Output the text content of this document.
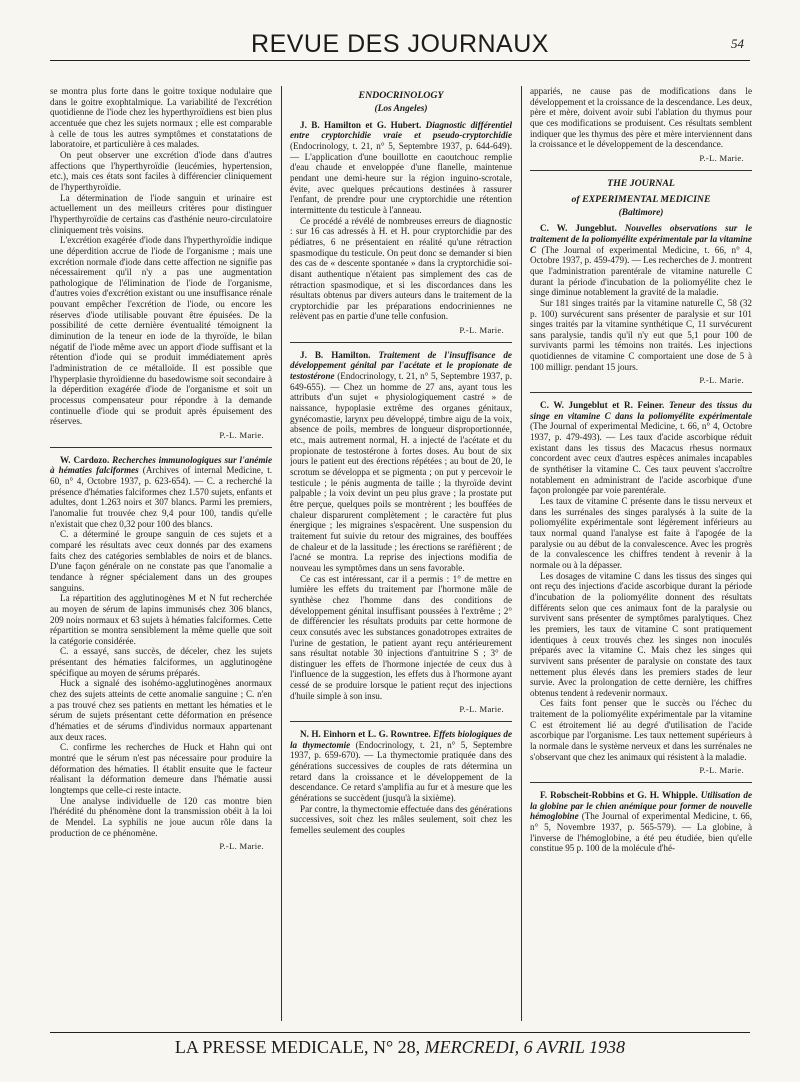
REVUE DES JOURNAUX	54

se montra plus forte dans le goitre toxique nodulaire que dans le goitre exophtalmique. La variabilité de l'excrétion quotidienne de l'iode chez les hyperthyroïdiens est bien plus accentuée que chez les sujets normaux ; elle est comparable à celle de tous les autres symptômes et constatations de laboratoire, et particulière à ces malades.

On peut observer une excrétion d'iode dans d'autres affections que l'hyperthyroïdie (leucémies, hypertension, etc.), mais ces états sont faciles à différencier cliniquement de l'hyperthyroïdie.

La détermination de l'iode sanguin et urinaire est actuellement un des meilleurs critères pour distinguer l'hyperthyroïdie de certains cas d'asthénie neuro-circulatoire cliniquement très voisins.

L'excrétion exagérée d'iode dans l'hyperthyroïdie indique une déperdition accrue de l'iode de l'organisme ; mais une excrétion normale d'iode dans cette affection ne signifie pas nécessairement qu'il n'y a pas une augmentation pathologique de l'élimination de l'iode de l'organisme, d'autres voies d'excrétion existant ou une insuffisance rénale pouvant empêcher l'excrétion de l'iode, ou encore les réserves d'iode utilisable pouvant être épuisées. De la possibilité de cette dernière éventualité témoignent la diminution de la teneur en iode de la thyroïde, le bilan négatif de l'iode même avec un apport d'iode suffisant et la rétention d'iode qui se produit immédiatement après l'administration de ce métalloïde. Il est possible que l'hyperplasie thyroïdienne du basedowisme soit secondaire à la déperdition exagérée d'iode de l'organisme et soit un processus compensateur pour répondre à la demande continuelle d'iode qui se produit après épuisement des réserves.

P.-L. Marie.

W. Cardozo. Recherches immunologiques sur l'anémie à hématies falciformes (Archives of internal Medicine, t. 60, n° 4, Octobre 1937, p. 623-654). — C. a recherché la présence d'hématies falciformes chez 1.570 sujets, enfants et adultes, dont 1.263 noirs et 307 blancs. Parmi les premiers, l'anomalie fut trouvée chez 9,4 pour 100, tandis qu'elle n'existait que chez 0,32 pour 100 des blancs.

C. a déterminé le groupe sanguin de ces sujets et a comparé les résultats avec ceux donnés par des examens faits chez des catégories semblables de noirs et de blancs. D'une façon générale on ne constate pas que l'anomalie a tendance à régner spécialement dans un des groupes sanguins.

La répartition des agglutinogènes M et N fut recherchée au moyen de sérum de lapins immunisés chez 306 blancs, 209 noirs normaux et 63 sujets à hématies falciformes. Cette répartition se montra sensiblement la même quelle que soit la catégorie considérée.

C. a essayé, sans succès, de déceler, chez les sujets présentant des hématies falciformes, un agglutinogène spécifique au moyen de sérums préparés.

Huck a signalé des isohémo-agglutinogènes anormaux chez des sujets atteints de cette anomalie sanguine ; C. n'en a pas trouvé chez ses patients en mettant les hématies et le sérum de sujets présentant cette déformation en présence d'hématies et de sérums d'individus normaux appartenant aux deux races.

C. confirme les recherches de Huck et Hahn qui ont montré que le sérum n'est pas nécessaire pour produire la déformation des hématies. Il établit ensuite que le facteur réalisant la déformation demeure dans l'hématie aussi longtemps que celle-ci reste intacte.

Une analyse individuelle de 120 cas montre bien l'hérédité du phénomène dont la transmission obéit à la loi de Mendel. La syphilis ne joue aucun rôle dans la production de ce phénomène.

P.-L. Marie.
ENDOCRINOLOGY
(Los Angeles)

J. B. Hamilton et G. Hubert. Diagnostic différentiel entre cryptorchidie vraie et pseudo-cryptorchidie (Endocrinology, t. 21, n° 5, Septembre 1937, p. 644-649). — L'application d'une bouillotte en caoutchouc remplie d'eau chaude et enveloppée d'une flanelle, maintenue pendant une demi-heure sur la région inguino-scrotale, évite, avec quelques précautions destinées à rassurer l'enfant, de prendre pour une cryptorchidie une rétention intermittente du testicule à l'anneau.

Ce procédé a révélé de nombreuses erreurs de diagnostic : sur 16 cas adressés à H. et H. pour cryptorchidie par des pédiatres, 6 ne présentaient en réalité qu'une rétraction spasmodique du testicule. On peut donc se demander si bien des cas de « descente spontanée » dans la cryptorchidie soi-disant authentique n'étaient pas simplement des cas de rétraction spasmodique, et si les discordances dans les résultats obtenus par divers auteurs dans le traitement de la cryptorchidie par les préparations endocriniennes ne relèvent pas en partie d'une telle confusion.

P.-L. Marie.

J. B. Hamilton. Traitement de l'insuffisance de développement génital par l'acétate et le propionate de testostérone (Endocrinology, t. 21, n° 5, Septembre 1937, p. 649-655). — Chez un homme de 27 ans, ayant tous les attributs d'un sujet « physiologiquement castré » de naissance, hypoplasie extrême des organes génitaux, gynécomastie, larynx peu développé, timbre aigu de la voix, absence de poils, membres de longueur disproportionnée, etc., mais autrement normal, H. a injecté de l'acétate et du propionate de testostérone à fortes doses. Au bout de six jours le patient eut des érections répétées ; au bout de 20, le scrotum se développa et se pigmenta ; on put y percevoir le testicule ; le pénis augmenta de taille ; la thyroïde devint palpable ; la voix devint un peu plus grave ; la prostate put être perçue, quelques poils se montrèrent ; les bouffées de chaleur disparurent complètement ; le caractère fut plus énergique ; les migraines s'espacèrent. Une suspension du traitement fut suivie du retour des migraines, des bouffées de chaleur et de la lassitude ; les érections se raréfièrent ; de l'acné se montra. La reprise des injections modifia de nouveau les symptômes dans un sens favorable.

Ce cas est intéressant, car il a permis : 1° de mettre en lumière les effets du traitement par l'hormone mâle de synthèse chez l'homme dans des conditions de développement génital insuffisant poussées à l'extrême ; 2° de différencier les résultats produits par cette hormone de ceux consutés avec les substances gonadotropes extraites de l'urine de gestation, le patient ayant reçu antérieurement sans résultat notable 30 injections d'antuitrine S ; 3° de distinguer les effets de l'hormone injectée de ceux dus à l'influence de la suggestion, les effets dus à l'hormone ayant cessé de se produire lorsque le patient reçut des injections d'huile simple à son insu.

P.-L. Marie.

N. H. Einhorn et L. G. Rowntree. Effets biologiques de la thymectomie (Endocrinology, t. 21, n° 5, Septembre 1937, p. 659-670). — La thymectomie pratiquée dans des générations successives de couples de rats détermina un retard dans la croissance et le développement de la descendance. Ce retard s'amplifia au fur et à mesure que les générations se succèdent (jusqu'à la sixième).

Par contre, la thymectomie effectuée dans des générations successives, soit chez les mâles seulement, soit chez les femelles seulement des couples

appariés, ne cause pas de modifications dans le développement et la croissance de la descendance. Les deux, père et mère, doivent avoir subi l'ablation du thymus pour que ces modifications se produisent. Ces résultats semblent indiquer que les thymus des père et mère interviennent dans la croissance et le développement de la descendance.

P.-L. Marie.
THE JOURNAL
of EXPERIMENTAL MEDICINE
(Baltimore)

C. W. Jungeblut. Nouvelles observations sur le traitement de la poliomyélite expérimentale par la vitamine C (The Journal of experimental Medicine, t. 66, n° 4, Octobre 1937, p. 459-479). — Les recherches de J. montrent que l'administration parentérale de vitamine naturelle C durant la période d'incubation de la poliomyélite chez le singe diminue notablement la gravité de la maladie.

Sur 181 singes traités par la vitamine naturelle C, 58 (32 p. 100) survécurent sans présenter de paralysie et sur 101 singes traités par la vitamine synthétique C, 11 survécurent sans paralysie, tandis qu'il n'y eut que 5,1 pour 100 de survivants parmi les témoins non traités. Les injections quotidiennes de vitamine C comportaient une dose de 5 à 100 milligr. pendant 15 jours.

P.-L. Marie.

C. W. Jungeblut et R. Feiner. Teneur des tissus du singe en vitamine C dans la poliomyélite expérimentale (The Journal of experimental Medicine, t. 66, n° 4, Octobre 1937, p. 479-493). — Les taux d'acide ascorbique réduit existant dans les tissus des Macacus rhesus normaux concordent avec ceux d'autres espèces animales incapables de synthétiser la vitamine C. Ces taux peuvent s'accroître notablement en administrant de l'acide ascorbique d'une façon prolongée par voie parentérale.

Les taux de vitamine C présente dans le tissu nerveux et dans les surrénales des singes paralysés à la suite de la poliomyélite expérimentale sont légèrement inférieurs au taux normal quand l'analyse est faite à l'apogée de la paralysie ou au début de la convalescence. Avec les progrès de la convalescence les chiffres tendent à revenir à la normale ou à la dépasser.

Les dosages de vitamine C dans les tissus des singes qui ont reçu des injections d'acide ascorbique durant la période d'incubation de la poliomyélite donnent des résultats différents selon que ces animaux font de la paralysie ou survivent sans présenter de symptômes paralytiques. Chez les premiers, les taux de vitamine C sont pratiquement identiques à ceux trouvés chez les singes non inoculés préparés avec la vitamine C. Mais chez les singes qui survivent sans présenter de paralysie on constate des taux nettement plus élevés dans les premiers stades de leur survie. Avec la prolongation de cette dernière, les chiffres obtenus tendent à redevenir normaux.

Ces faits font penser que le succès ou l'échec du traitement de la poliomyélite expérimentale par la vitamine C est étroitement lié au degré d'utilisation de l'acide ascorbique par l'organisme. Les taux nettement supérieurs à la normale dans le système nerveux et dans les surrénales ne s'observant que chez les animaux qui résistent à la maladie.

P.-L. Marie.

F. Robscheit-Robbins et G. H. Whipple. Utilisation de la globine par le chien anémique pour former de nouvelle hémoglobine (The Journal of experimental Medicine, t. 66, n° 5, Novembre 1937, p. 565-579). — La globine, à l'inverse de l'hémoglobine, a été peu étudiée, bien qu'elle constitue 95 p. 100 de la molécule d'hé-

LA PRESSE MEDICALE, N° 28, MERCREDI, 6 AVRIL 1938
